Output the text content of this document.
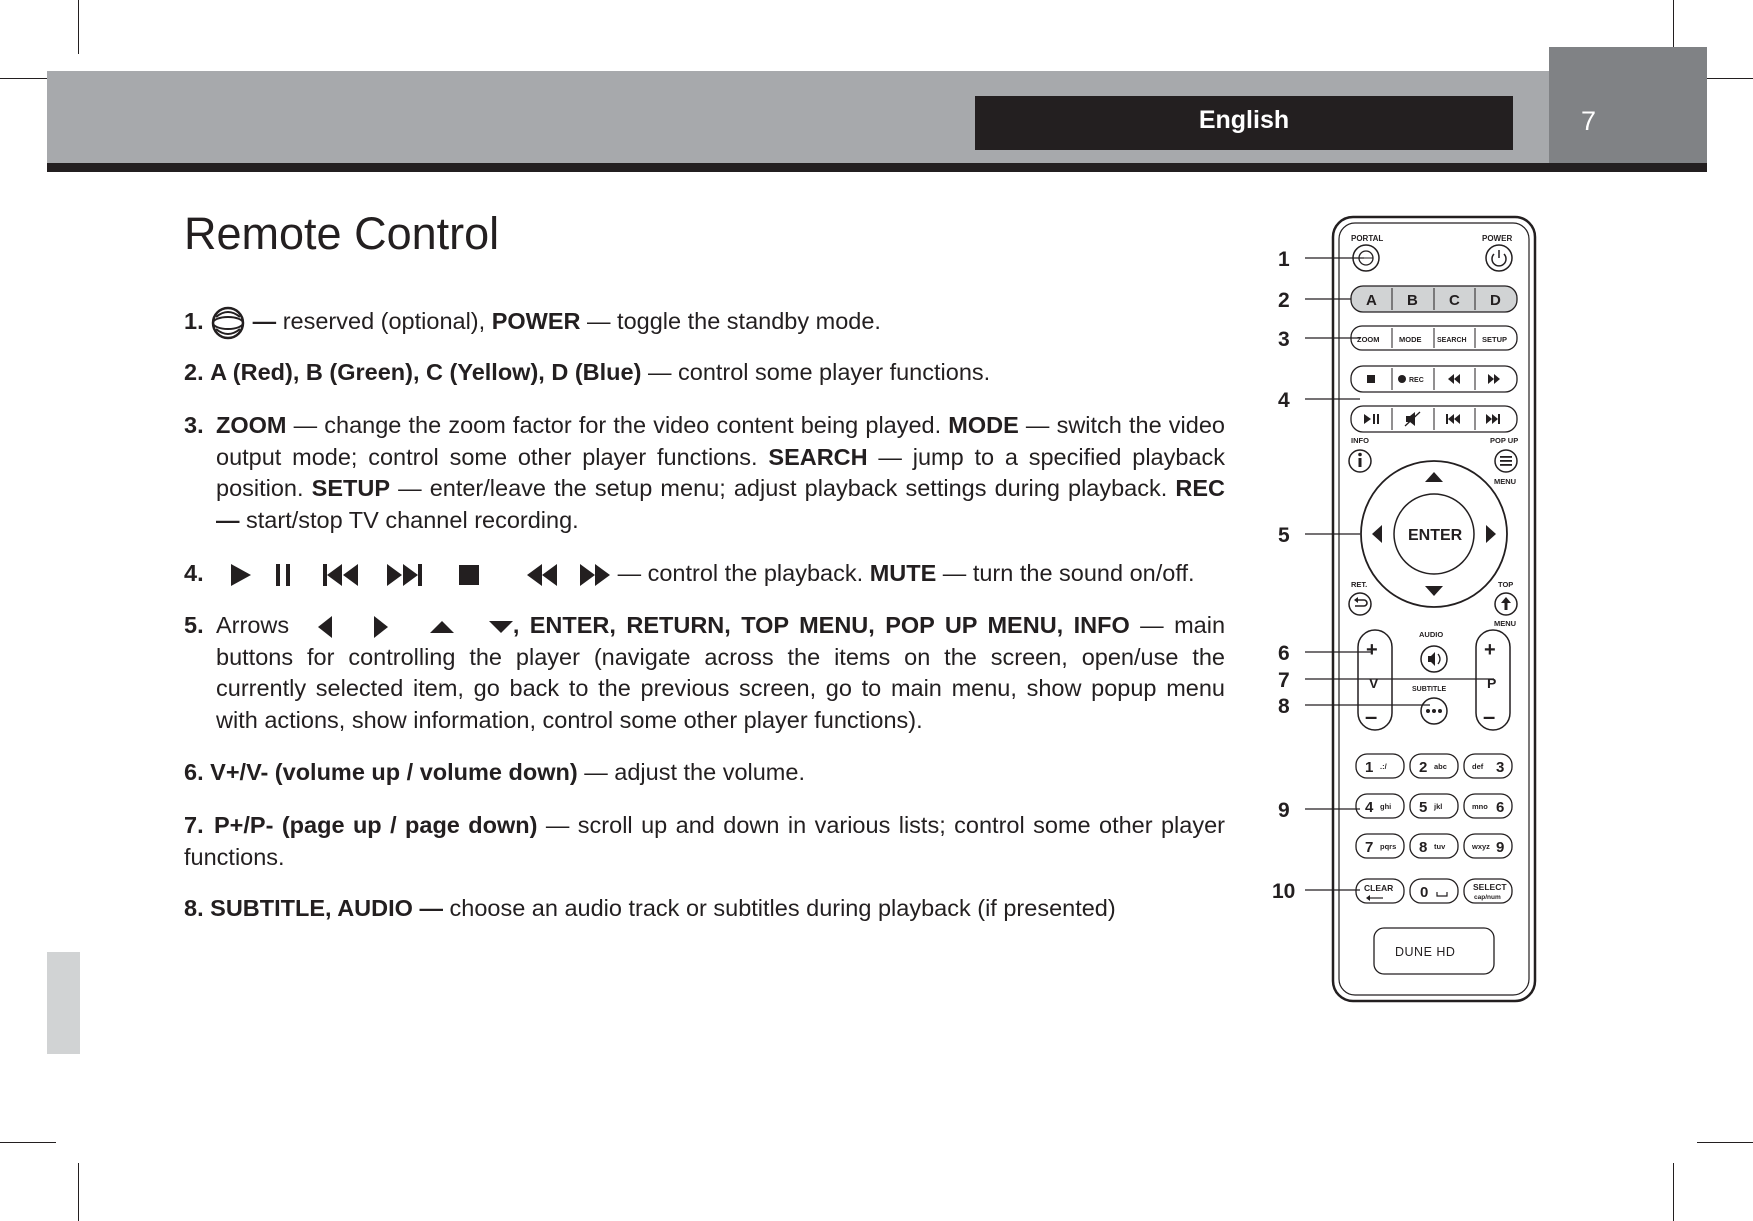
English	7
Remote Control
1.  — reserved (optional), POWER — toggle the standby mode.
2. A (Red), B (Green), C (Yellow), D (Blue) — control some player functions.
3. ZOOM — change the zoom factor for the video content being played. MODE — switch the video output mode; control some other player functions. SEARCH — jump to a specified playback position. SETUP — enter/leave the setup menu; adjust playback settings during playback. REC — start/stop TV channel recording.
4.	— control the playback. MUTE — turn the sound on/off.
5. Arrows	, ENTER, RETURN, TOP MENU, POP UP MENU, INFO — main buttons for controlling the player (navigate across the items on the screen, open/use the currently selected item, go back to the previous screen, go to main menu, show popup menu with actions, show information, control some other player functions).
6. V+/V- (volume up / volume down) — adjust the volume.
7. P+/P- (page up / page down) — scroll up and down in various lists; control some other player functions.
8. SUBTITLE, AUDIO — choose an audio track or subtitles during playback (if presented)
1
2
3
4
5
6
7
8
9
10
PORTAL	POWER
A B C D
ZOOM	MODE SEARCH SETUP
REC
INFO	POP UP
MENU
ENTER
RET.	TOP
MENU
+
V
–
+
P
–
AUDIO
SUBTITLE
1 .:/ 2 abc	3
def
4 ghi 5 jkl	6
mno
7 pqrs 8 tuv	9
wxyz
CLEAR 0	SELECT
cap/num
DUNE HD
